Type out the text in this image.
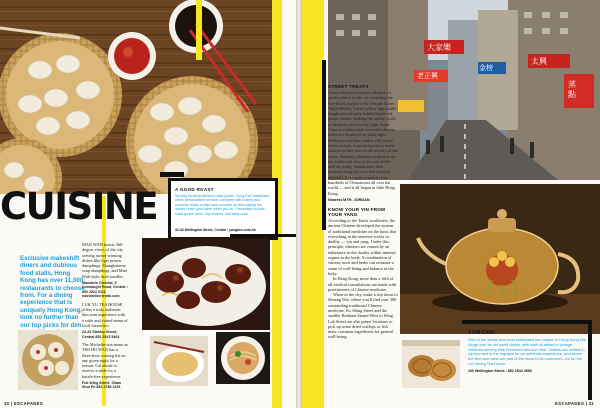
CUISINE
Exclusive makeshift diners and dubious food stalls, Hong Kong has over 11,000 restaurants to choose from. For a dining experience that is uniquely Hong Kong, look no further than our top picks for dim
A GOOD ROAST
Serving its world-famous roast goose, Yung Kee restaurant offers personalised service, complete with cutlery and crockery ready to take your provider so that paying hot dishes reach your table when you do. Favourites include roast goose livers, tiny snacks, and tasty crab.
32-40 Wellington Street, Central • yungkee.com.hk
MAN WAH boasts 360-degree views of the city serving award-winning dishes like tiger prawn dumplings, Shanghainese soup dumplings, and Man Wah-style fried noodles.
Mandarin Oriental, 5 Connaught Road, Central • 852 2522 0111 mandarinoriental.com
LUK YU TEA HOUSE offers a truly authentic dim sum experience with a wide and varied menu of local favourites.
24-26 Stanley Street, Central 852 2523 5464
The Michelin-star menu at TIM HO WAN has a three-hour waiting list on any given night for a reason. Cal ahead to reserve a table for a hassle-free experience.
Fuk Wing Street, Sham Shui Po 852 2788 1226
30 | ESCAPADES
大家樂
太興
老正興
金榜
蒸點
STREET TREATS
Central Kowloon houses all kinds of quirky places in the city including the five-block stretch of the Temple Street Night Market. Lured yellow light bulbs dangle precariously behind bright red plastic shades, lurking the market stalls in shadowy and warmly light. From Chinese trinkets and counterfeit luxury items are displayed on plain sight. Hobbyists and fate readers still sound street corners, scrutinizing starry-eyed tourists as they take in the novelty of the scene. Students, playing anything from the traditional erhu to the run-of-the-mill air string, demonstrate their territory along the crowded street by nightfall. It is a grim reminder that hundreds of Chinatowns all over the world — and it all began in little Hong Kong.
Nearest MTR: JORDAN
KNOW YOUR YIN FROM YOUR YANG
According to the Taoist worldview, the ancient Chinese developed the system of traditional medicine on the basis that everything in the universe works in duality — yin and yang. Under this principle, diseases are caused by an imbalance in the duality within internal organs in the body. A combination of various roots and herbs can reinstate a sense of well-being and balance in the body.
In Hong Kong, more than a fifth of all medical consultations are made with practitioners of Chinese medicine.
When in the city, make a trip down to Shuang Wai, where you'll find over 300 outstanding traditional Chinese medicine. Ko Shing Street and the smaller Bonham Strand West to Wing Lok Street are also prime locations to pick up some dried scallops or fish maw, common ingredients for general well-being.
YUM CHA!
One of the oldest and most celebrated tea houses in Hong Kong still clings onto its old world charm, with staff all attired in vintage uniforms serving time-honoured dim sum fare. Visitors are invited to sip tea next to the regulars for an authentic experience, and where the dim sum carts are part of the show to its customers. Go for the Lin Heung Tea House.
160 Wellington Street • 852 2544 4556
ESCAPADES | 31
